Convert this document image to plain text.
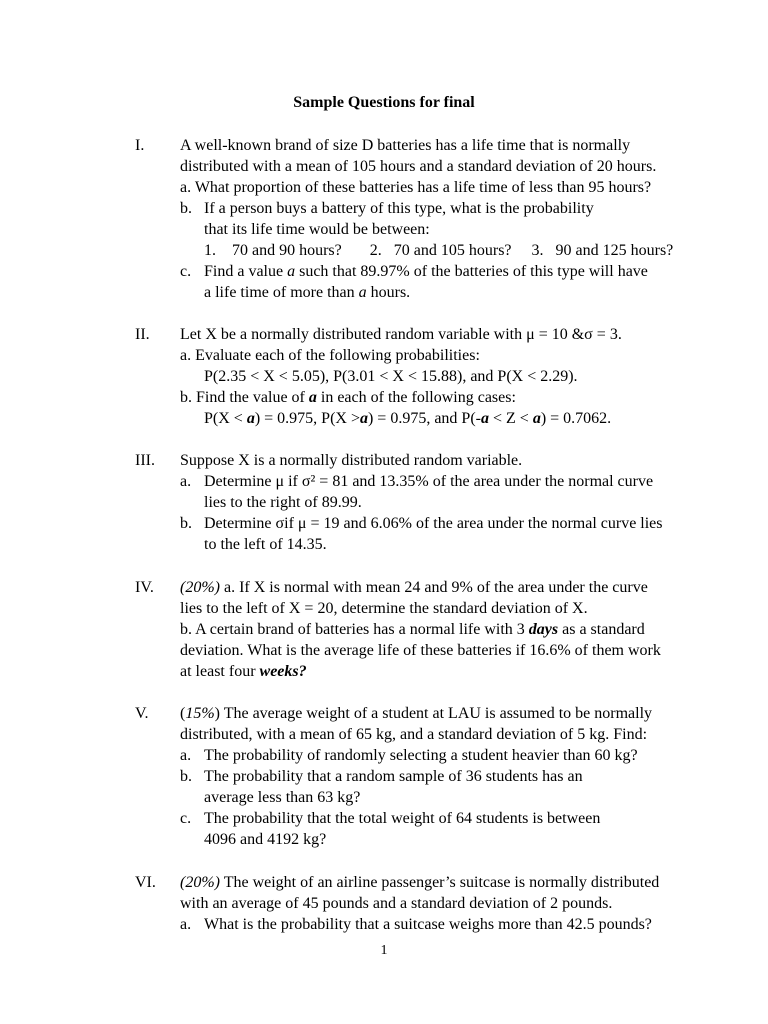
Sample Questions for final
I. A well-known brand of size D batteries has a life time that is normally
distributed with a mean of 105 hours and a standard deviation of 20 hours.
a. What proportion of these batteries has a life time of less than 95 hours?
b. If a person buys a battery of this type, what is the probability
that its life time would be between:
1.    70 and 90 hours?       2.   70 and 105 hours?     3.   90 and 125 hours?
c. Find a value a such that 89.97% of the batteries of this type will have
a life time of more than a hours.
II. Let X be a normally distributed random variable with μ = 10 &σ = 3.
a. Evaluate each of the following probabilities:
P(2.35 < X < 5.05), P(3.01 < X < 15.88), and P(X < 2.29).
b. Find the value of a in each of the following cases:
P(X < a) = 0.975, P(X >a) = 0.975, and P(-a < Z < a) = 0.7062.
III. Suppose X is a normally distributed random variable.
a. Determine μ if σ² = 81 and 13.35% of the area under the normal curve
lies to the right of 89.99.
b. Determine σif μ = 19 and 6.06% of the area under the normal curve lies
to the left of 14.35.
IV. (20%) a. If X is normal with mean 24 and 9% of the area under the curve
lies to the left of X = 20, determine the standard deviation of X.
b. A certain brand of batteries has a normal life with 3 days as a standard
deviation. What is the average life of these batteries if 16.6% of them work
at least four weeks?
V. (15%) The average weight of a student at LAU is assumed to be normally
distributed, with a mean of 65 kg, and a standard deviation of 5 kg. Find:
a. The probability of randomly selecting a student heavier than 60 kg?
b. The probability that a random sample of 36 students has an
average less than 63 kg?
c. The probability that the total weight of 64 students is between
4096 and 4192 kg?
VI. (20%) The weight of an airline passenger’s suitcase is normally distributed
with an average of 45 pounds and a standard deviation of 2 pounds.
a. What is the probability that a suitcase weighs more than 42.5 pounds?
1
